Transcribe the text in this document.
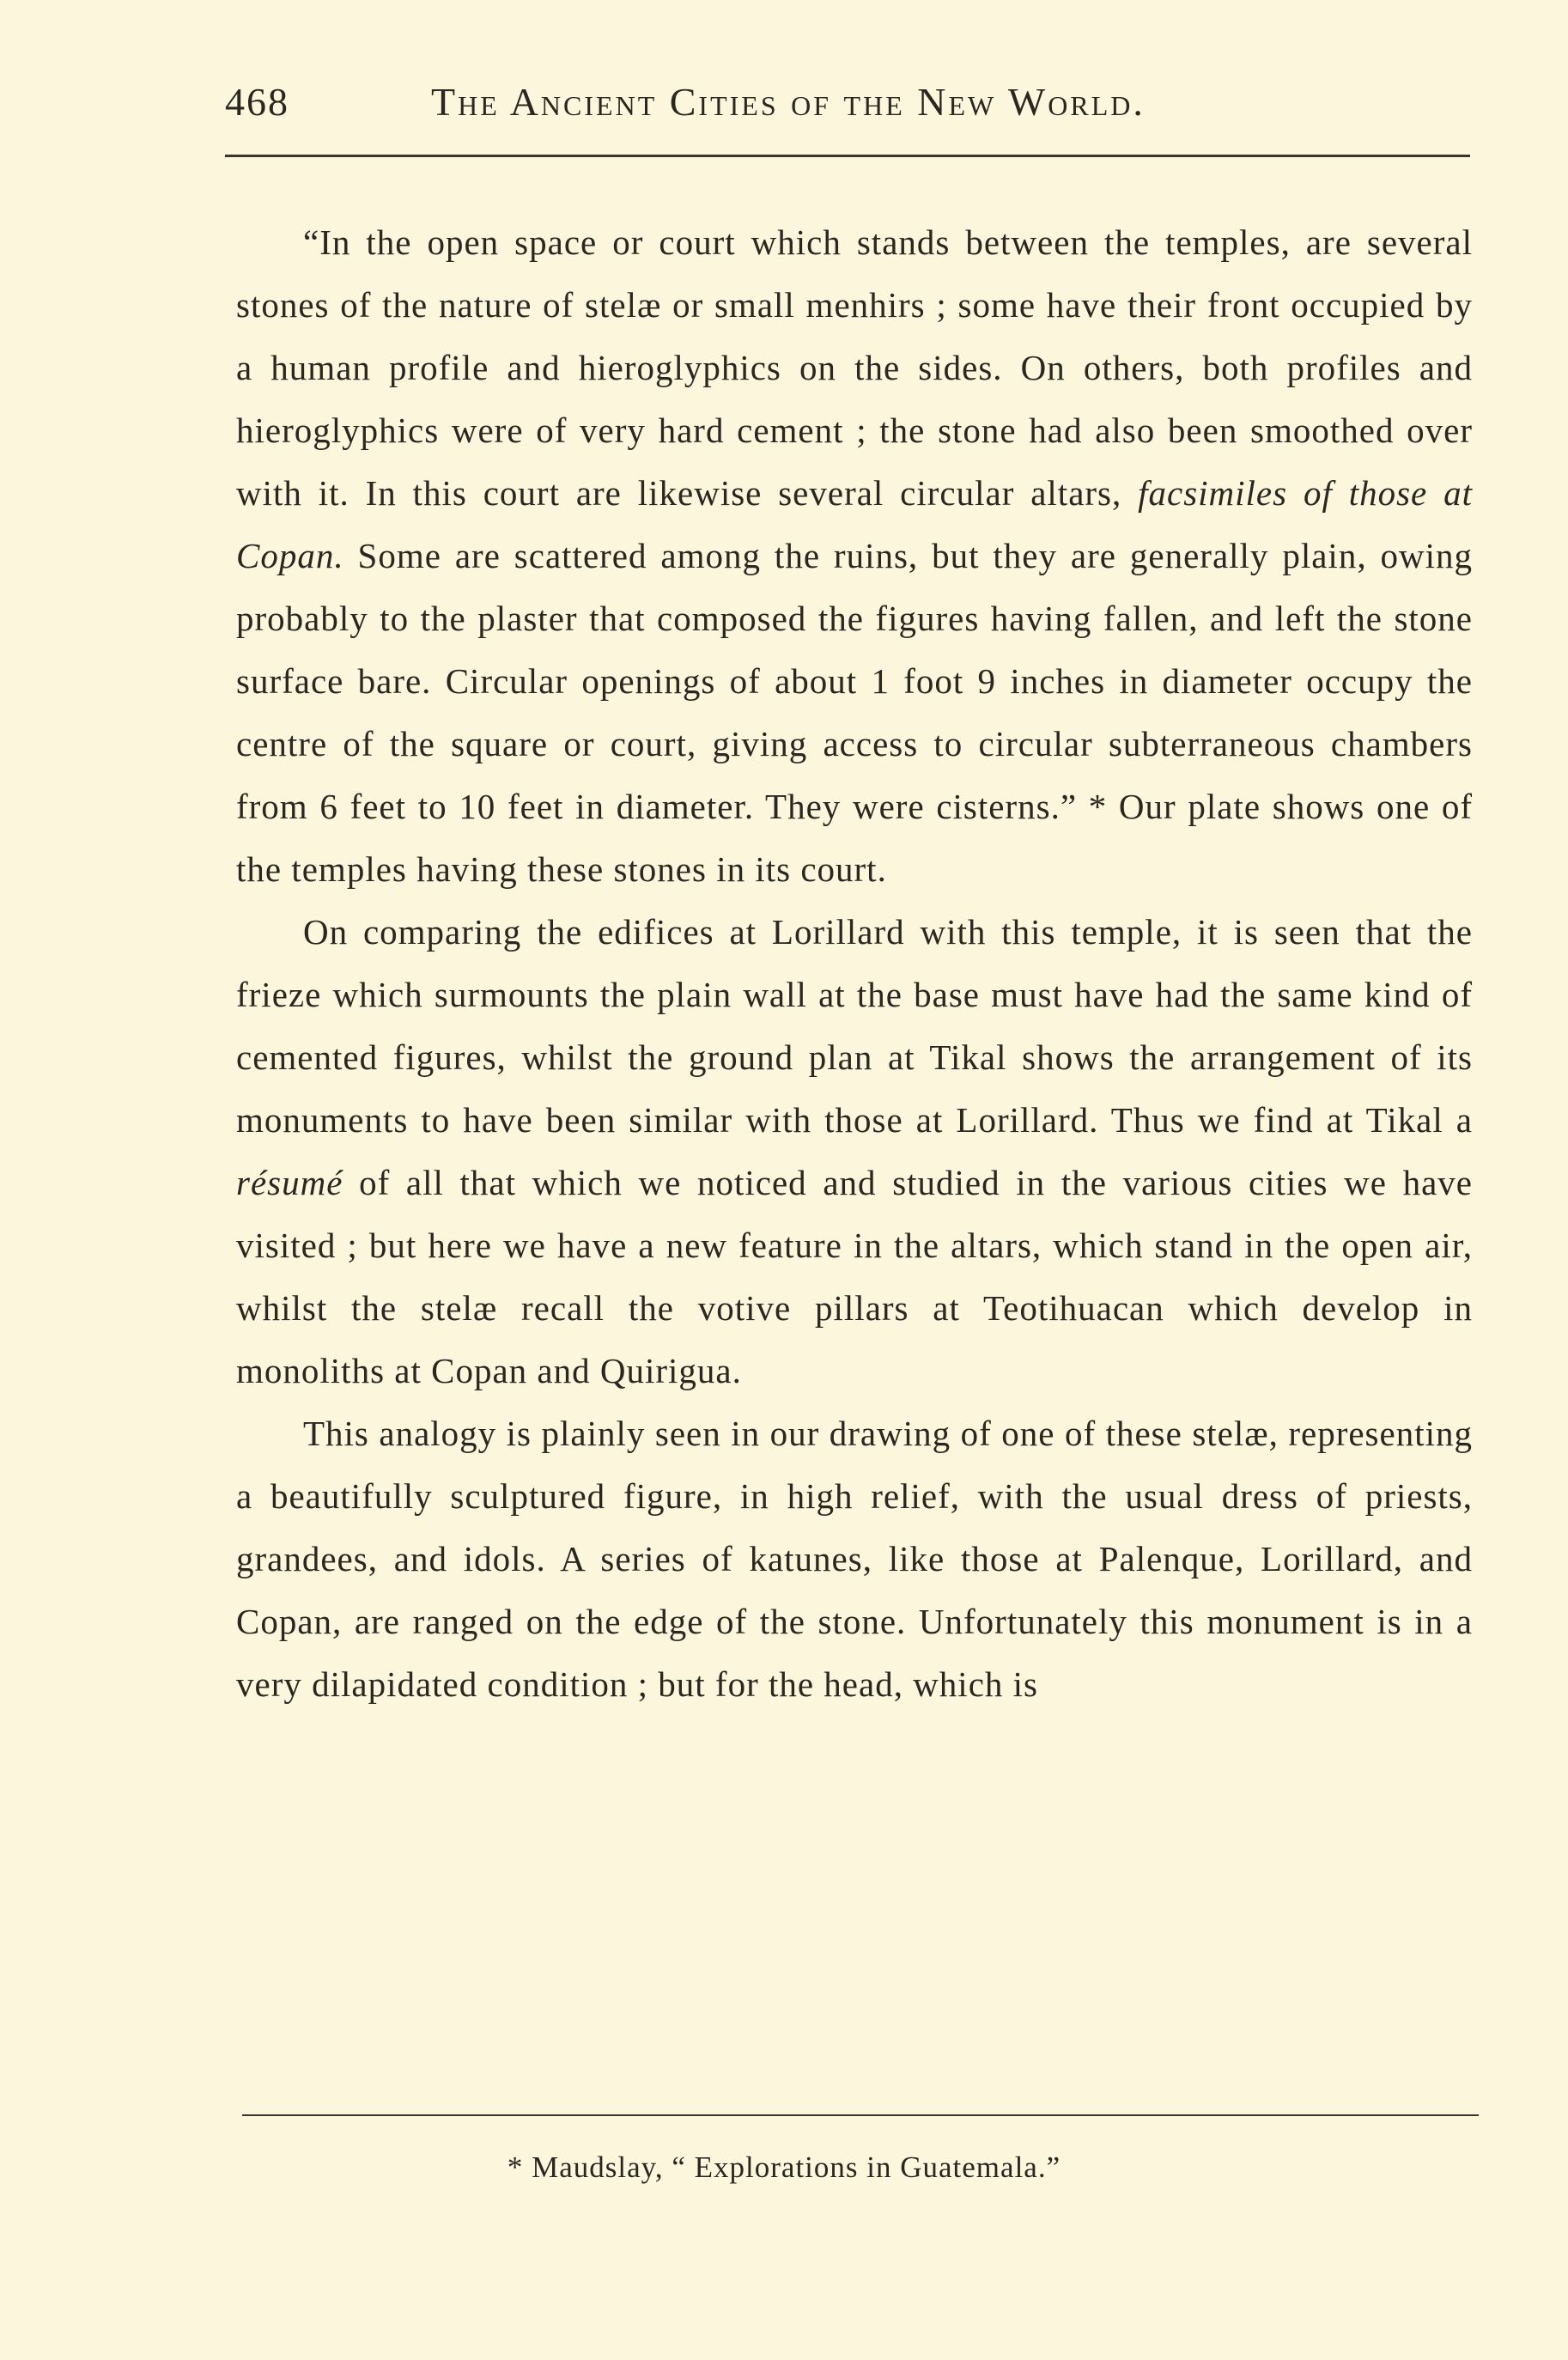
468	The Ancient Cities of the New World.

“In the open space or court which stands between the temples, are several stones of the nature of stelæ or small menhirs ; some have their front occupied by a human profile and hieroglyphics on the sides. On others, both profiles and hieroglyphics were of very hard cement ; the stone had also been smoothed over with it. In this court are likewise several circular altars, facsimiles of those at Copan. Some are scattered among the ruins, but they are generally plain, owing probably to the plaster that composed the figures having fallen, and left the stone surface bare. Circular openings of about 1 foot 9 inches in diameter occupy the centre of the square or court, giving access to circular subterraneous chambers from 6 feet to 10 feet in diameter. They were cisterns.” * Our plate shows one of the temples having these stones in its court.

On comparing the edifices at Lorillard with this temple, it is seen that the frieze which surmounts the plain wall at the base must have had the same kind of cemented figures, whilst the ground plan at Tikal shows the arrangement of its monuments to have been similar with those at Lorillard. Thus we find at Tikal a résumé of all that which we noticed and studied in the various cities we have visited ; but here we have a new feature in the altars, which stand in the open air, whilst the stelæ recall the votive pillars at Teotihuacan which develop in monoliths at Copan and Quirigua.

This analogy is plainly seen in our drawing of one of these stelæ, representing a beautifully sculptured figure, in high relief, with the usual dress of priests, grandees, and idols. A series of katunes, like those at Palenque, Lorillard, and Copan, are ranged on the edge of the stone. Unfortunately this monument is in a very dilapidated condition ; but for the head, which is

* Maudslay, “ Explorations in Guatemala.”
